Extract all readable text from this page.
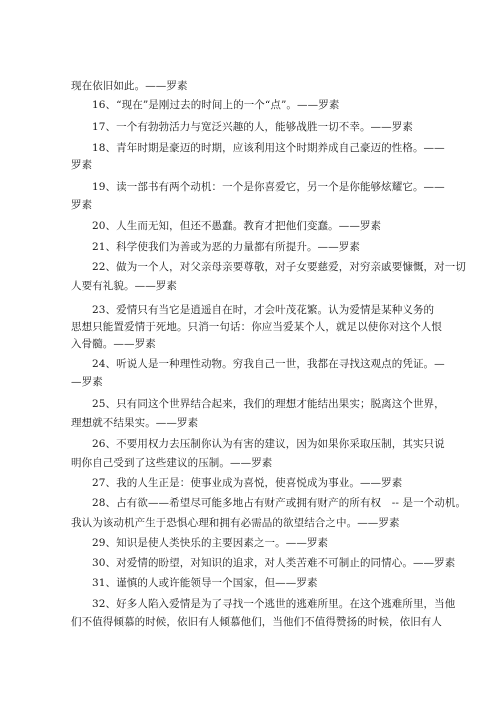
现在依旧如此。——罗素
16、“现在”是刚过去的时间上的一个“点”。——罗素
17、一个有勃勃活力与宽泛兴趣的人，能够战胜一切不幸。——罗素
18、青年时期是豪迈的时期，应该利用这个时期养成自己豪迈的性格。——
罗素
19、读一部书有两个动机：一个是你喜爱它，另一个是你能够炫耀它。——
罗素
20、人生而无知，但还不愚蠢。教育才把他们变蠢。——罗素
21、科学使我们为善或为恶的力量都有所提升。——罗素
22、做为一个人，对父亲母亲要尊敬，对子女要慈爱，对穷亲戚要慷慨，对一切
人要有礼貌。——罗素
23、爱情只有当它是逍遥自在时，才会叶茂花繁。认为爱情是某种义务的
思想只能置爱情于死地。只消一句话：你应当爱某个人，就足以使你对这个人恨
入骨髓。——罗素
24、听说人是一种理性动物。穷我自己一世，我都在寻找这观点的凭证。—
—罗素
25、只有同这个世界结合起来，我们的理想才能结出果实；脱离这个世界，
理想就不结果实。——罗素
26、不要用权力去压制你认为有害的建议，因为如果你采取压制，其实只说
明你自己受到了这些建议的压制。——罗素
27、我的人生正是：使事业成为喜悦，使喜悦成为事业。——罗素
28、占有欲——希望尽可能多地占有财产或拥有财产的所有权　-- 是一个动机。
我认为该动机产生于恐惧心理和拥有必需品的欲望结合之中。——罗素
29、知识是使人类快乐的主要因素之一。——罗素
30、对爱情的盼望，对知识的追求，对人类苦难不可制止的同情心。——罗素
31、谨慎的人或许能领导一个国家，但——罗素
32、好多人陷入爱情是为了寻找一个逃世的逃难所里。在这个逃难所里，当他
们不值得倾慕的时候，依旧有人倾慕他们，当他们不值得赞扬的时候，依旧有人
